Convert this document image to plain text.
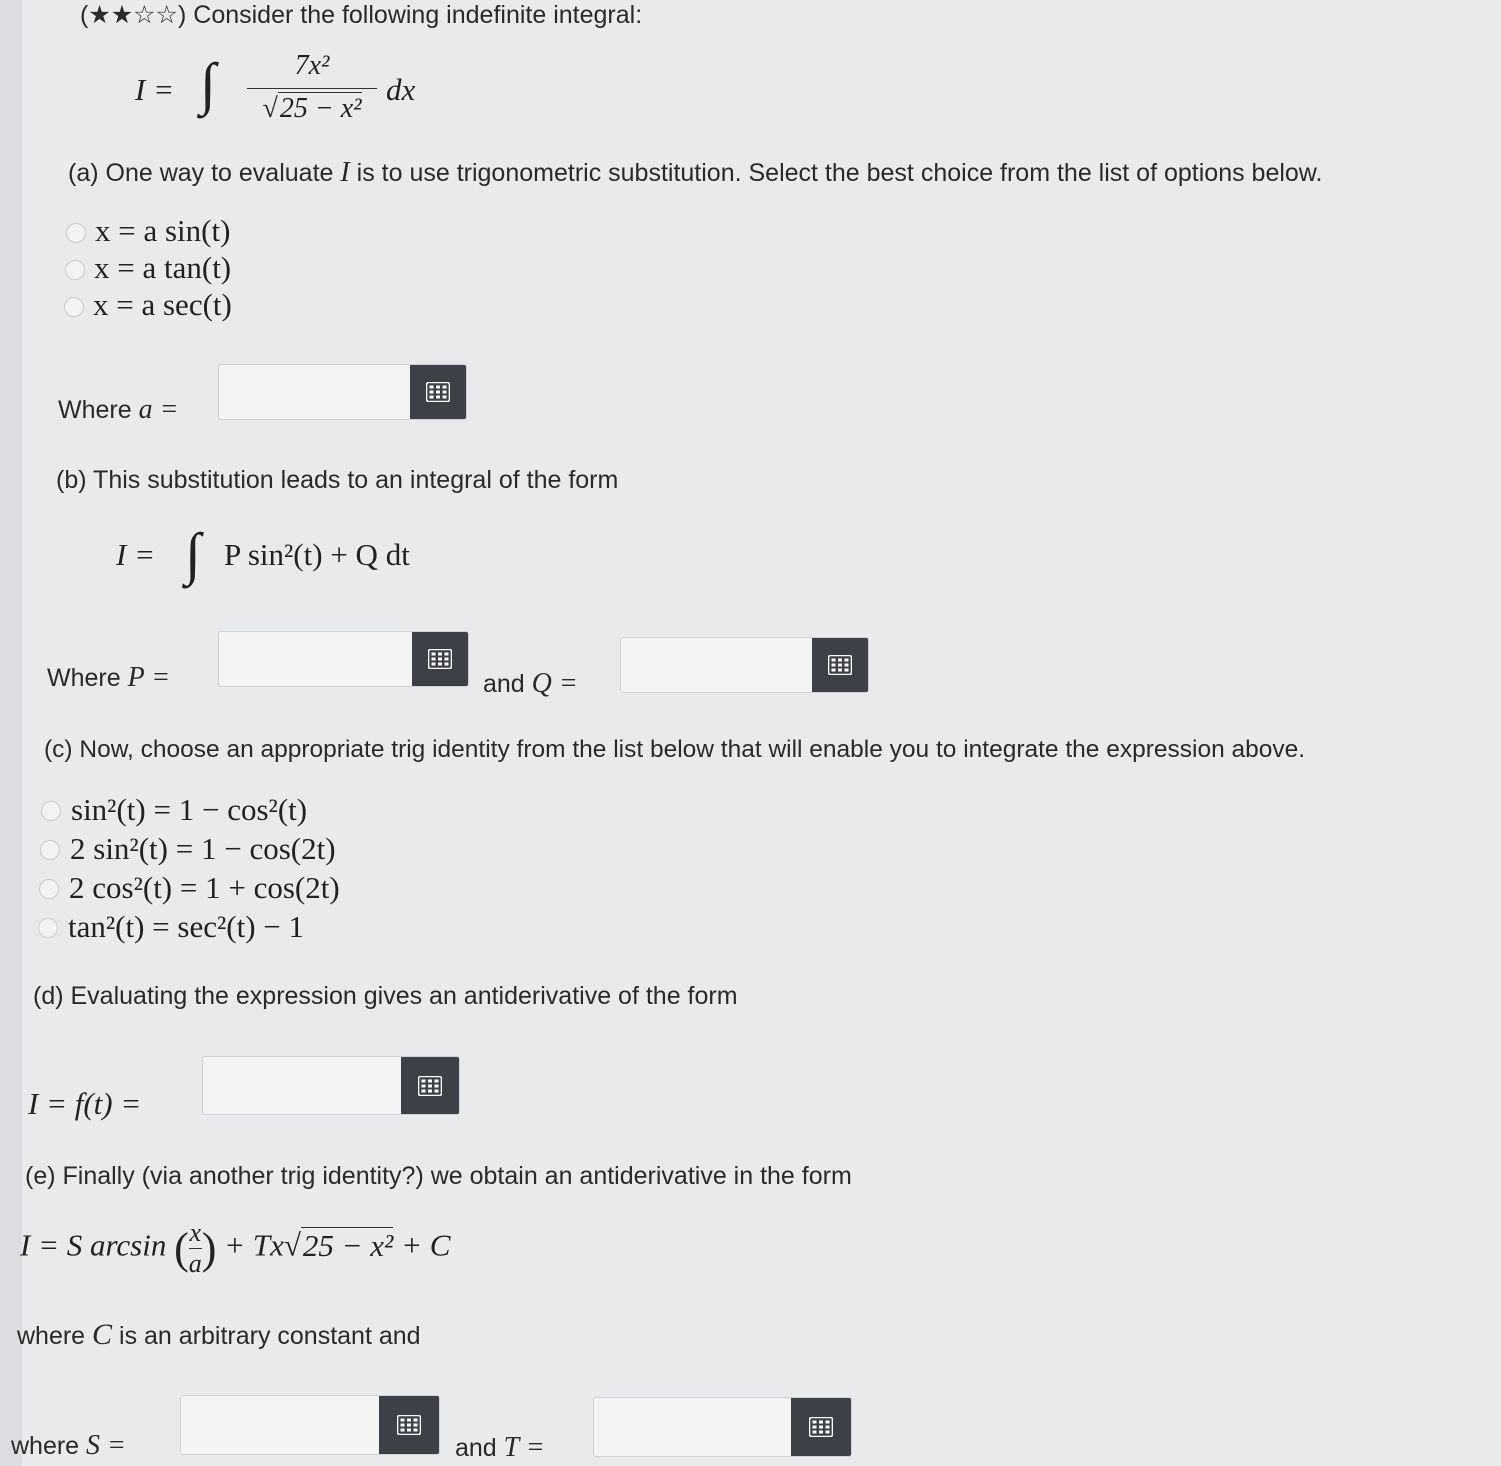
(★★☆☆) Consider the following indefinite integral:
I = ∫	7x²
√25 − x²
dx
(a) One way to evaluate I is to use trigonometric substitution. Select the best choice from the list of options below.
x = a sin(t)
x = a tan(t)
x = a sec(t)
Where a =
(b) This substitution leads to an integral of the form
I = ∫ P sin²(t) + Q dt
Where P =	and Q =
(c) Now, choose an appropriate trig identity from the list below that will enable you to integrate the expression above.
sin²(t) = 1 − cos²(t)
2 sin²(t) = 1 − cos(2t)
2 cos²(t) = 1 + cos(2t)
tan²(t) = sec²(t) − 1
(d) Evaluating the expression gives an antiderivative of the form
I = f(t) =
(e) Finally (via another trig identity?) we obtain an antiderivative in the form
I = S arcsin ( $\frac{x}{a}$ ) + Tx√25 − x² + C
where C is an arbitrary constant and
where S =	and T =
